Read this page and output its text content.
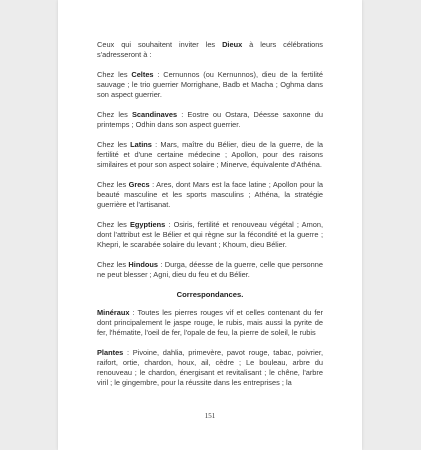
Ceux qui souhaitent inviter les Dieux à leurs célébrations s'adresseront à :

Chez les Celtes : Cernunnos (ou Kernunnos), dieu de la fertilité sauvage ; le trio guerrier Morrighane, Badb et Macha ; Oghma dans son aspect guerrier.

Chez les Scandinaves : Eostre ou Ostara, Déesse saxonne du printemps ; Odhin dans son aspect guerrier.

Chez les Latins : Mars, maître du Bélier, dieu de la guerre, de la fertilité et d'une certaine médecine ; Apollon, pour des raisons similaires et pour son aspect solaire ; Minerve, équivalente d'Athéna.

Chez les Grecs : Ares, dont Mars est la face latine ; Apollon pour la beauté masculine et les sports masculins ; Athéna, la stratégie guerrière et l'artisanat.

Chez les Egyptiens : Osiris, fertilité et renouveau végétal ; Amon, dont l'attribut est le Bélier et qui règne sur la fécondité et la guerre ; Khepri, le scarabée solaire du levant ; Khoum, dieu Bélier.

Chez les Hindous : Durga, déesse de la guerre, celle que personne ne peut blesser ; Agni, dieu du feu et du Bélier.

Correspondances.

Minéraux : Toutes les pierres rouges vif et celles contenant du fer dont principalement le jaspe rouge, le rubis, mais aussi la pyrite de fer, l'hématite, l'oeil de fer, l'opale de feu, la pierre de soleil, le rubis

Plantes : Pivoine, dahlia, primevère, pavot rouge, tabac, poivrier, raifort, ortie, chardon, houx, ail, cèdre ; Le bouleau, arbre du renouveau ; le chardon, énergisant et revitalisant ; le chêne, l'arbre viril ; le gingembre, pour la réussite dans les entreprises ; la

151
